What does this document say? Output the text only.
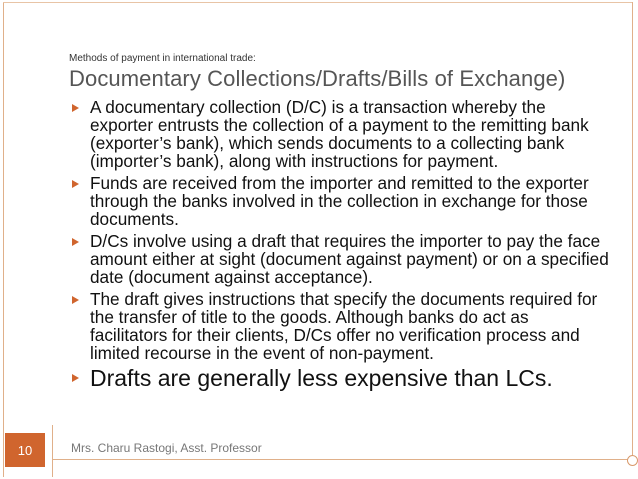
Methods of payment in international trade:
Documentary Collections/Drafts/Bills of Exchange)
A documentary collection (D/C) is a transaction whereby the exporter entrusts the collection of a payment to the remitting bank (exporter’s bank), which sends documents to a collecting bank (importer’s bank), along with instructions for payment.
Funds are received from the importer and remitted to the exporter through the banks involved in the collection in exchange for those documents.
D/Cs involve using a draft that requires the importer to pay the face amount either at sight (document against payment) or on a specified date (document against acceptance).
The draft gives instructions that specify the documents required for the transfer of title to the goods. Although banks do act as facilitators for their clients, D/Cs offer no verification process and limited recourse in the event of non-payment.
Drafts are generally less expensive than LCs.
Mrs. Charu Rastogi, Asst. Professor
10
